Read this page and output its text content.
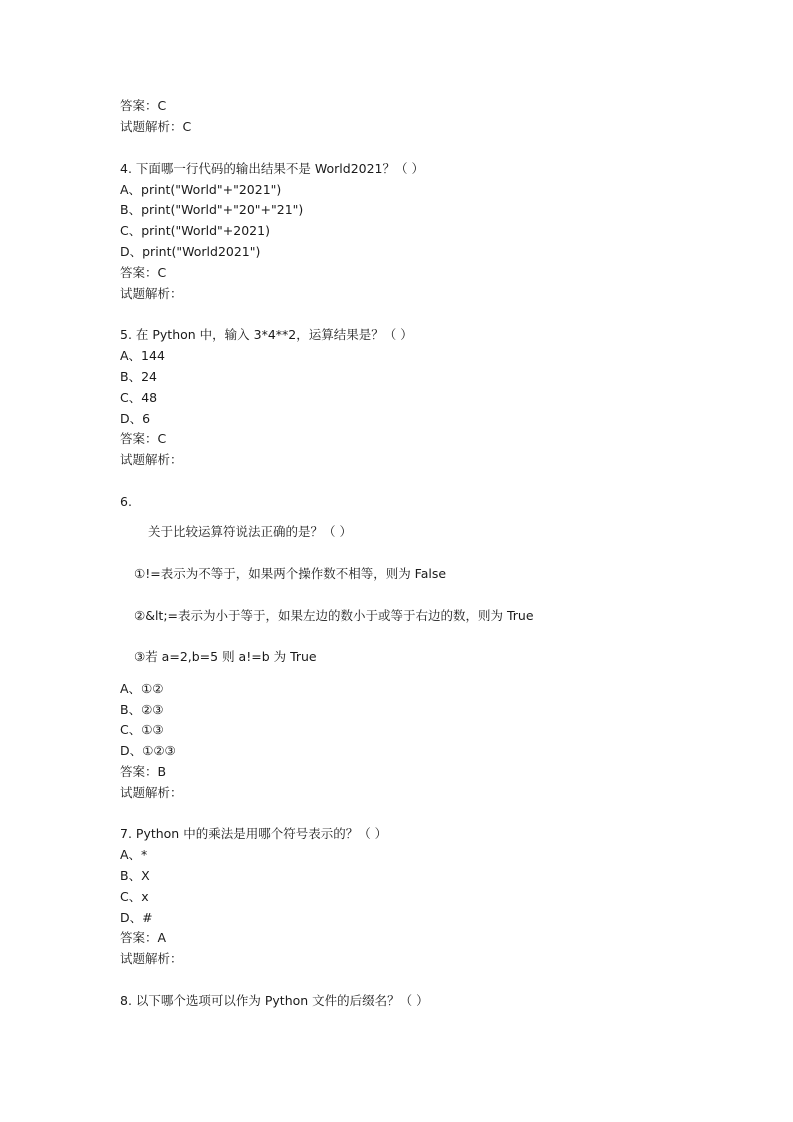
答案：C
试题解析：C
4. 下面哪一行代码的输出结果不是 World2021？（ ）
A、print("World"+"2021")
B、print("World"+"20"+"21")
C、print("World"+2021)
D、print("World2021")
答案：C
试题解析：
5. 在 Python 中，输入 3*4**2，运算结果是？（ ）
A、144
B、24
C、48
D、6
答案：C
试题解析：
6.
关于比较运算符说法正确的是？（ ）
①!=表示为不等于，如果两个操作数不相等，则为 False
②&lt;=表示为小于等于，如果左边的数小于或等于右边的数，则为 True
③若 a=2,b=5 则 a!=b 为 True
A、①②
B、②③
C、①③
D、①②③
答案：B
试题解析：
7. Python 中的乘法是用哪个符号表示的？（ ）
A、*
B、X
C、x
D、#
答案：A
试题解析：
8. 以下哪个选项可以作为 Python 文件的后缀名？（ ）
